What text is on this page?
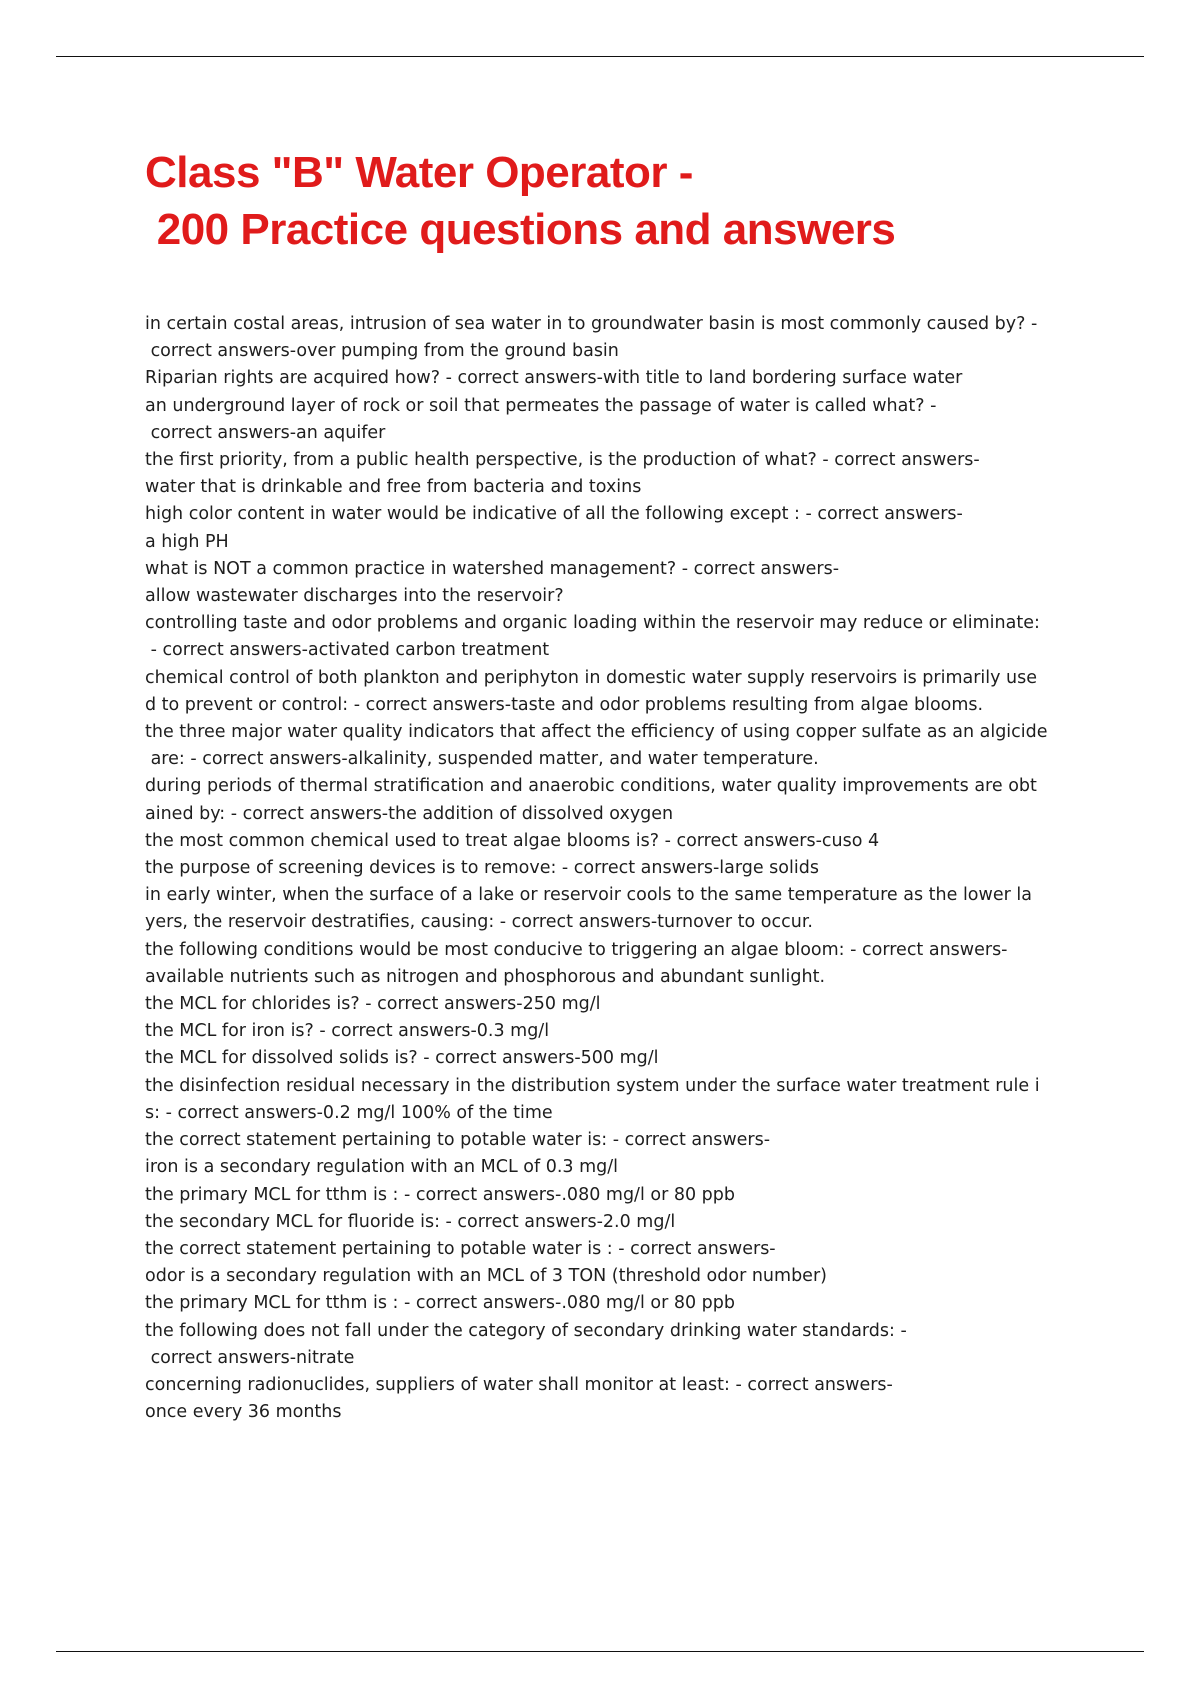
Class "B" Water Operator -
200 Practice questions and answers
in certain costal areas, intrusion of sea water in to groundwater basin is most commonly caused by? -
correct answers-over pumping from the ground basin
Riparian rights are acquired how? - correct answers-with title to land bordering surface water
an underground layer of rock or soil that permeates the passage of water is called what? -
correct answers-an aquifer
the first priority, from a public health perspective, is the production of what? - correct answers-
water that is drinkable and free from bacteria and toxins
high color content in water would be indicative of all the following except : - correct answers-
a high PH
what is NOT a common practice in watershed management? - correct answers-
allow wastewater discharges into the reservoir?
controlling taste and odor problems and organic loading within the reservoir may reduce or eliminate:
- correct answers-activated carbon treatment
chemical control of both plankton and periphyton in domestic water supply reservoirs is primarily use
d to prevent or control: - correct answers-taste and odor problems resulting from algae blooms.
the three major water quality indicators that affect the efficiency of using copper sulfate as an algicide
are: - correct answers-alkalinity, suspended matter, and water temperature.
during periods of thermal stratification and anaerobic conditions, water quality improvements are obt
ained by: - correct answers-the addition of dissolved oxygen
the most common chemical used to treat algae blooms is? - correct answers-cuso 4
the purpose of screening devices is to remove: - correct answers-large solids
in early winter, when the surface of a lake or reservoir cools to the same temperature as the lower la
yers, the reservoir destratifies, causing: - correct answers-turnover to occur.
the following conditions would be most conducive to triggering an algae bloom: - correct answers-
available nutrients such as nitrogen and phosphorous and abundant sunlight.
the MCL for chlorides is? - correct answers-250 mg/l
the MCL for iron is? - correct answers-0.3 mg/l
the MCL for dissolved solids is? - correct answers-500 mg/l
the disinfection residual necessary in the distribution system under the surface water treatment rule i
s: - correct answers-0.2 mg/l 100% of the time
the correct statement pertaining to potable water is: - correct answers-
iron is a secondary regulation with an MCL of 0.3 mg/l
the primary MCL for tthm is : - correct answers-.080 mg/l or 80 ppb
the secondary MCL for fluoride is: - correct answers-2.0 mg/l
the correct statement pertaining to potable water is : - correct answers-
odor is a secondary regulation with an MCL of 3 TON (threshold odor number)
the primary MCL for tthm is : - correct answers-.080 mg/l or 80 ppb
the following does not fall under the category of secondary drinking water standards: -
correct answers-nitrate
concerning radionuclides, suppliers of water shall monitor at least: - correct answers-
once every 36 months
